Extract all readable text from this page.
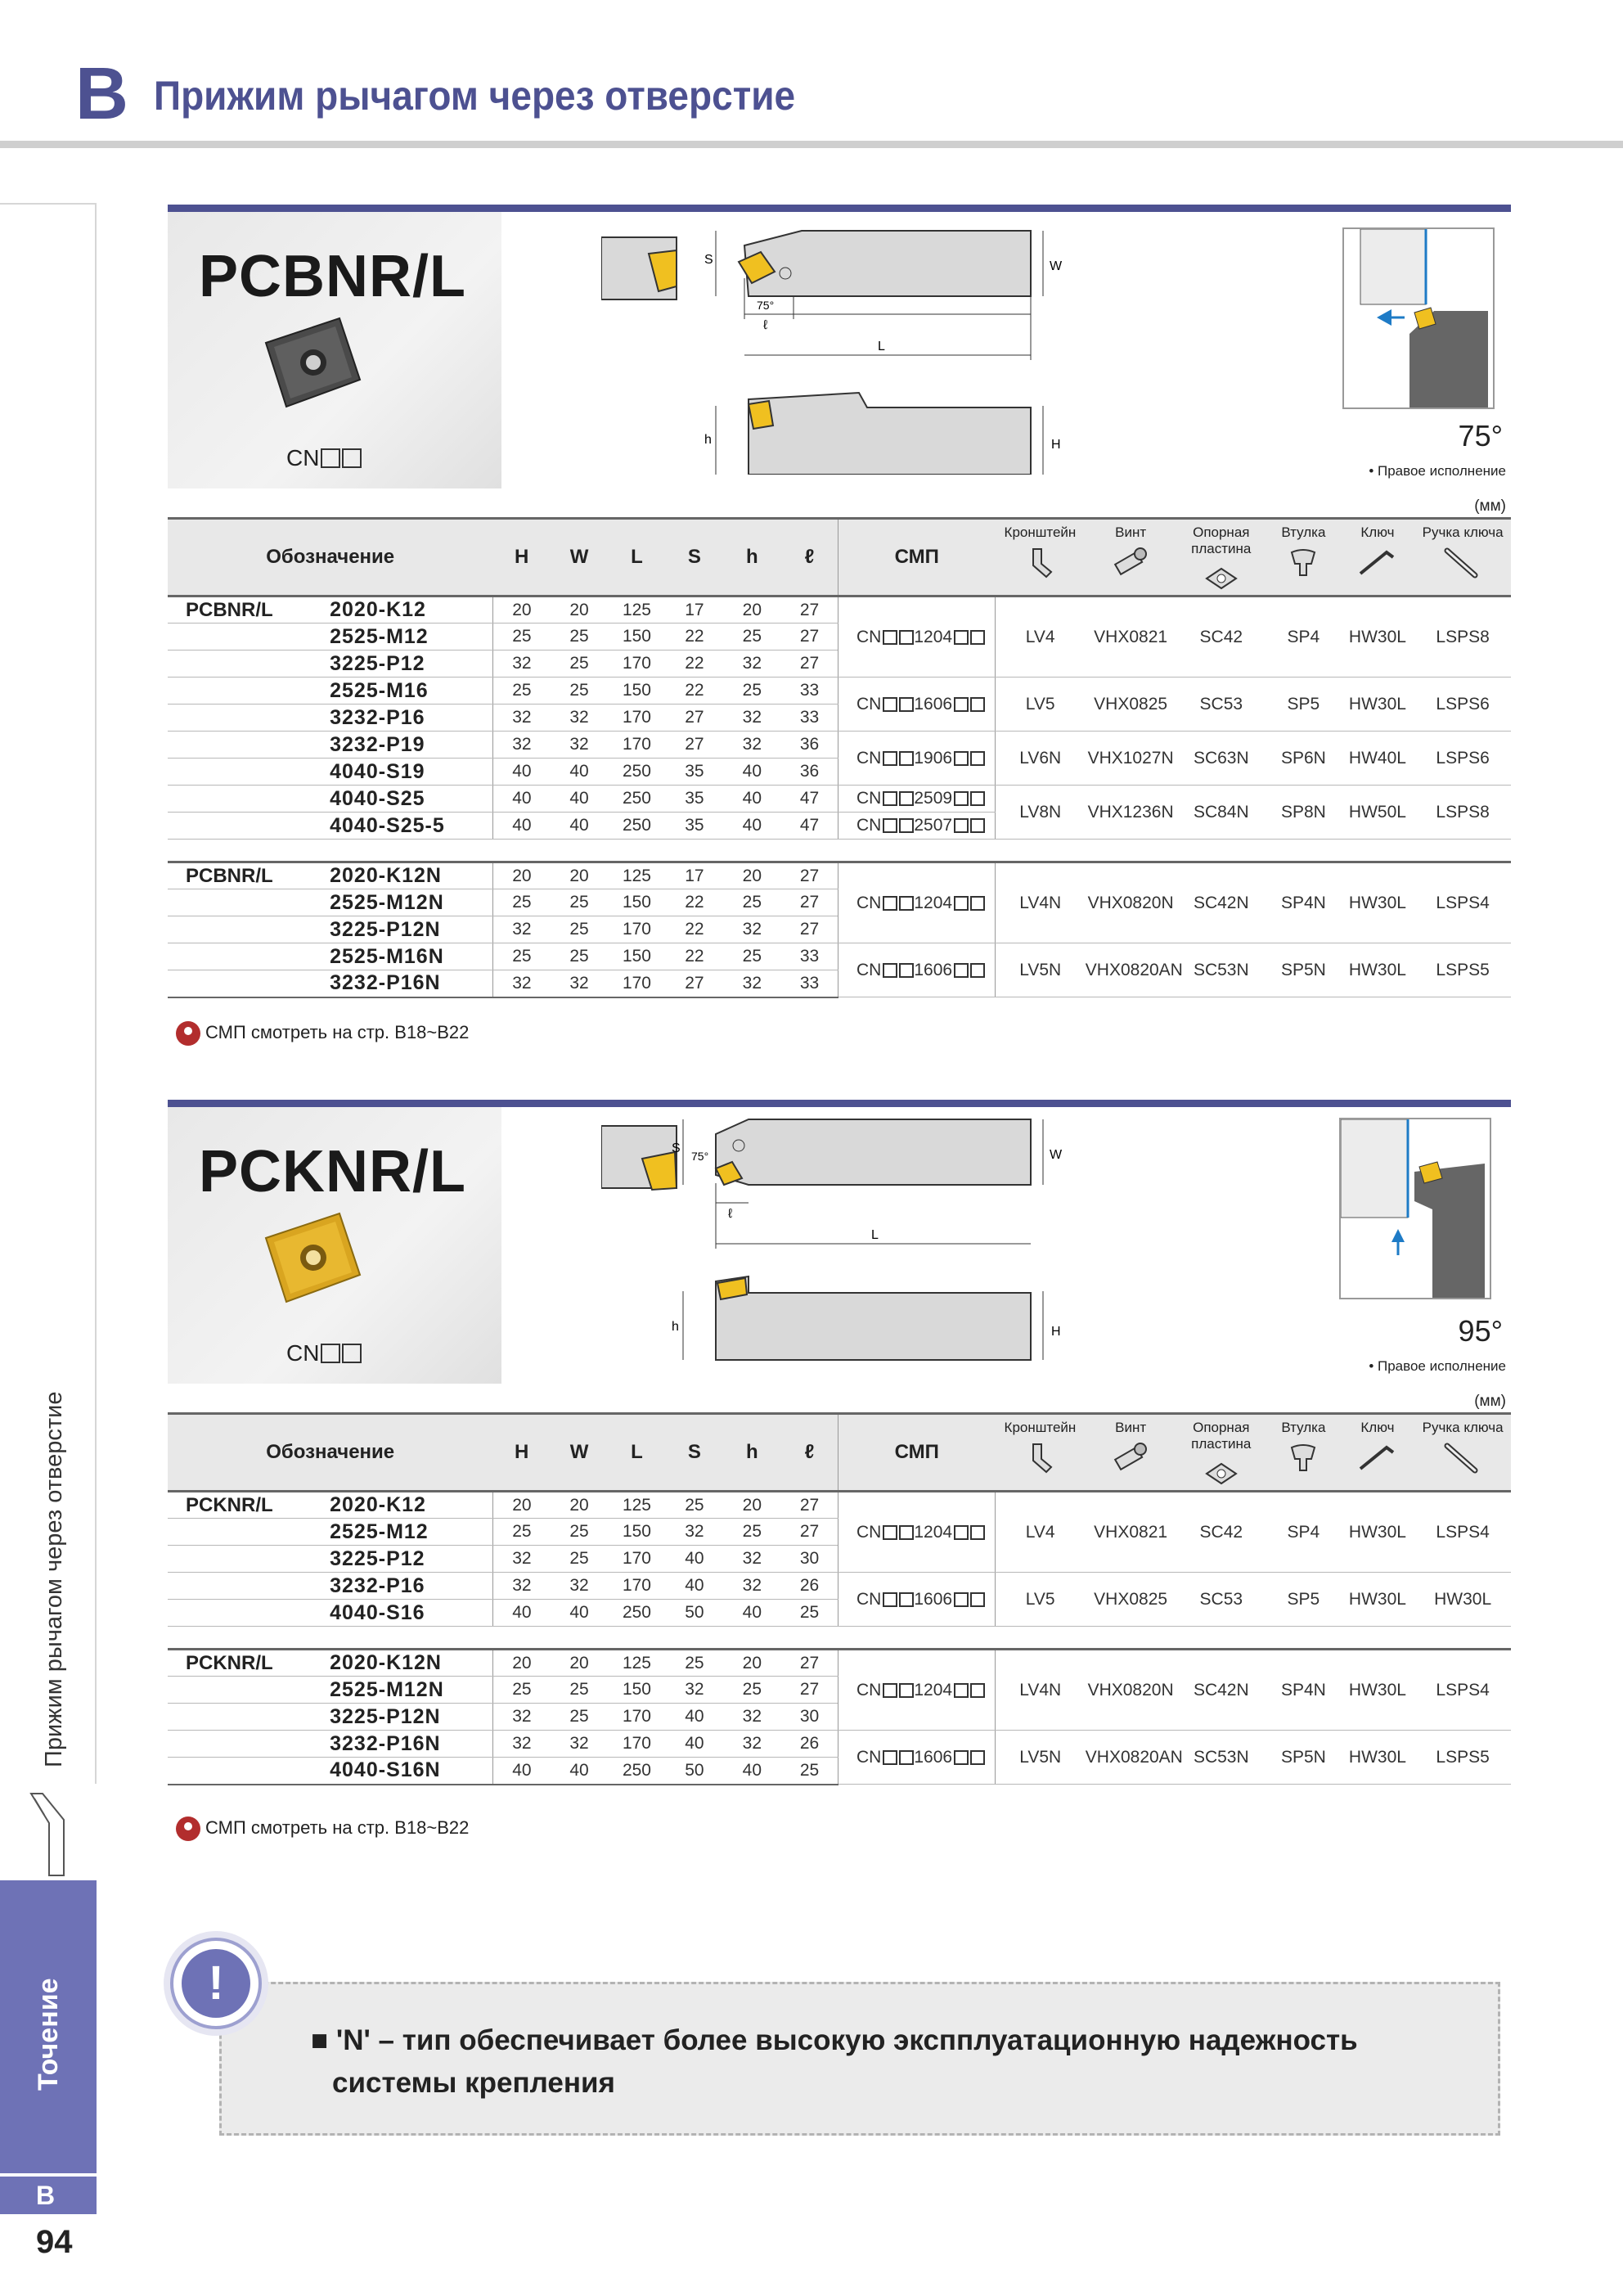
B Прижим рычагом через отверстие
Прижим рычагом через отверстие
Точение
B
94
PCBNR/L
CN
S	W
75°
ℓ
L
h	H	75°
• Правое исполнение
(мм)
Обозначение		H	W	L	S	h	ℓ	СМП	Кронштейн	Винт	Опорная пластина	Втулка	Ключ	Ручка ключа

PCBNR/L	2020-K12	20	20	125	17	20	27	CN 1204	LV4	VHX0821	SC42	SP4	HW30L	LSPS8
	2525-M12	25	25	150	22	25	27							
	3225-P12	32	25	170	22	32	27							
	2525-M16	25	25	150	22	25	33	CN 1606	LV5	VHX0825	SC53	SP5	HW30L	LSPS6
	3232-P16	32	32	170	27	32	33							
	3232-P19	32	32	170	27	32	36	CN 1906	LV6N	VHX1027N	SC63N	SP6N	HW40L	LSPS6
	4040-S19	40	40	250	35	40	36							
	4040-S25	40	40	250	35	40	47	CN 2509	LV8N	VHX1236N	SC84N	SP8N	HW50L	LSPS8
	4040-S25-5	40	40	250	35	40	47	CN 2507						

PCBNR/L	2020-K12N	20	20	125	17	20	27	CN 1204	LV4N	VHX0820N	SC42N	SP4N	HW30L	LSPS4
	2525-M12N	25	25	150	22	25	27							
	3225-P12N	32	25	170	22	32	27							
	2525-M16N	25	25	150	22	25	33	CN 1606	LV5N	VHX0820AN	SC53N	SP5N	HW30L	LSPS5
	3232-P16N	32	32	170	27	32	33							
СМП смотреть на стр. B18~B22
PCKNR/L
CN
S	W
75°
ℓ
L
h	H	95°
• Правое исполнение
(мм)
Обозначение		H	W	L	S	h	ℓ	СМП	Кронштейн	Винт	Опорная пластина	Втулка	Ключ	Ручка ключа

PCKNR/L	2020-K12	20	20	125	25	20	27	CN 1204	LV4	VHX0821	SC42	SP4	HW30L	LSPS4
	2525-M12	25	25	150	32	25	27							
	3225-P12	32	25	170	40	32	30							
	3232-P16	32	32	170	40	32	26	CN 1606	LV5	VHX0825	SC53	SP5	HW30L	HW30L
	4040-S16	40	40	250	50	40	25							

PCKNR/L	2020-K12N	20	20	125	25	20	27	CN 1204	LV4N	VHX0820N	SC42N	SP4N	HW30L	LSPS4
	2525-M12N	25	25	150	32	25	27							
	3225-P12N	32	25	170	40	32	30							
	3232-P16N	32	32	170	40	32	26	CN 1606	LV5N	VHX0820AN	SC53N	SP5N	HW30L	LSPS5
	4040-S16N	40	40	250	50	40	25							
СМП смотреть на стр. B18~B22
!
■ 'N' – тип обеспечивает более высокую экспплуатационную надежность
системы крепления
